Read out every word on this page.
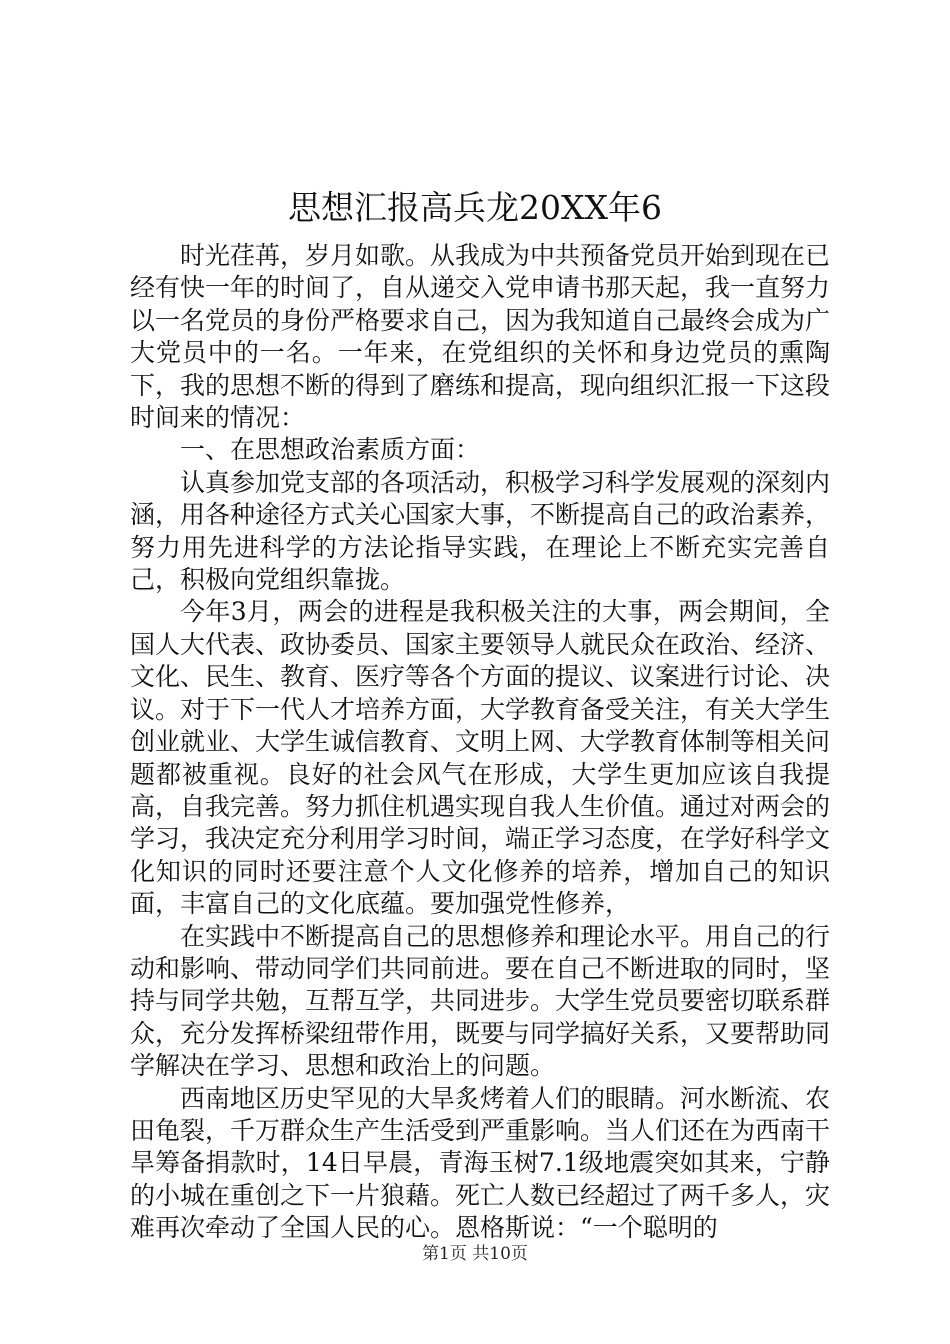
思想汇报高兵龙20XX年6

时光荏苒，岁月如歌。从我成为中共预备党员开始到现在已经有快一年的时间了，自从递交入党申请书那天起，我一直努力以一名党员的身份严格要求自己，因为我知道自己最终会成为广大党员中的一名。一年来，在党组织的关怀和身边党员的熏陶下，我的思想不断的得到了磨练和提高，现向组织汇报一下这段时间来的情况：

一、在思想政治素质方面：

认真参加党支部的各项活动，积极学习科学发展观的深刻内涵，用各种途径方式关心国家大事，不断提高自己的政治素养，努力用先进科学的方法论指导实践，在理论上不断充实完善自己，积极向党组织靠拢。

今年3月，两会的进程是我积极关注的大事，两会期间，全国人大代表、政协委员、国家主要领导人就民众在政治、经济、文化、民生、教育、医疗等各个方面的提议、议案进行讨论、决议。对于下一代人才培养方面，大学教育备受关注，有关大学生创业就业、大学生诚信教育、文明上网、大学教育体制等相关问题都被重视。良好的社会风气在形成，大学生更加应该自我提高，自我完善。努力抓住机遇实现自我人生价值。通过对两会的学习，我决定充分利用学习时间，端正学习态度，在学好科学文化知识的同时还要注意个人文化修养的培养，增加自己的知识面，丰富自己的文化底蕴。要加强党性修养，

在实践中不断提高自己的思想修养和理论水平。用自己的行动和影响、带动同学们共同前进。要在自己不断进取的同时，坚持与同学共勉，互帮互学，共同进步。大学生党员要密切联系群众，充分发挥桥梁纽带作用，既要与同学搞好关系，又要帮助同学解决在学习、思想和政治上的问题。

西南地区历史罕见的大旱炙烤着人们的眼睛。河水断流、农田龟裂，千万群众生产生活受到严重影响。当人们还在为西南干旱筹备捐款时，14日早晨，青海玉树7.1级地震突如其来，宁静的小城在重创之下一片狼藉。死亡人数已经超过了两千多人，灾难再次牵动了全国人民的心。恩格斯说：“一个聪明的

第1页 共10页
